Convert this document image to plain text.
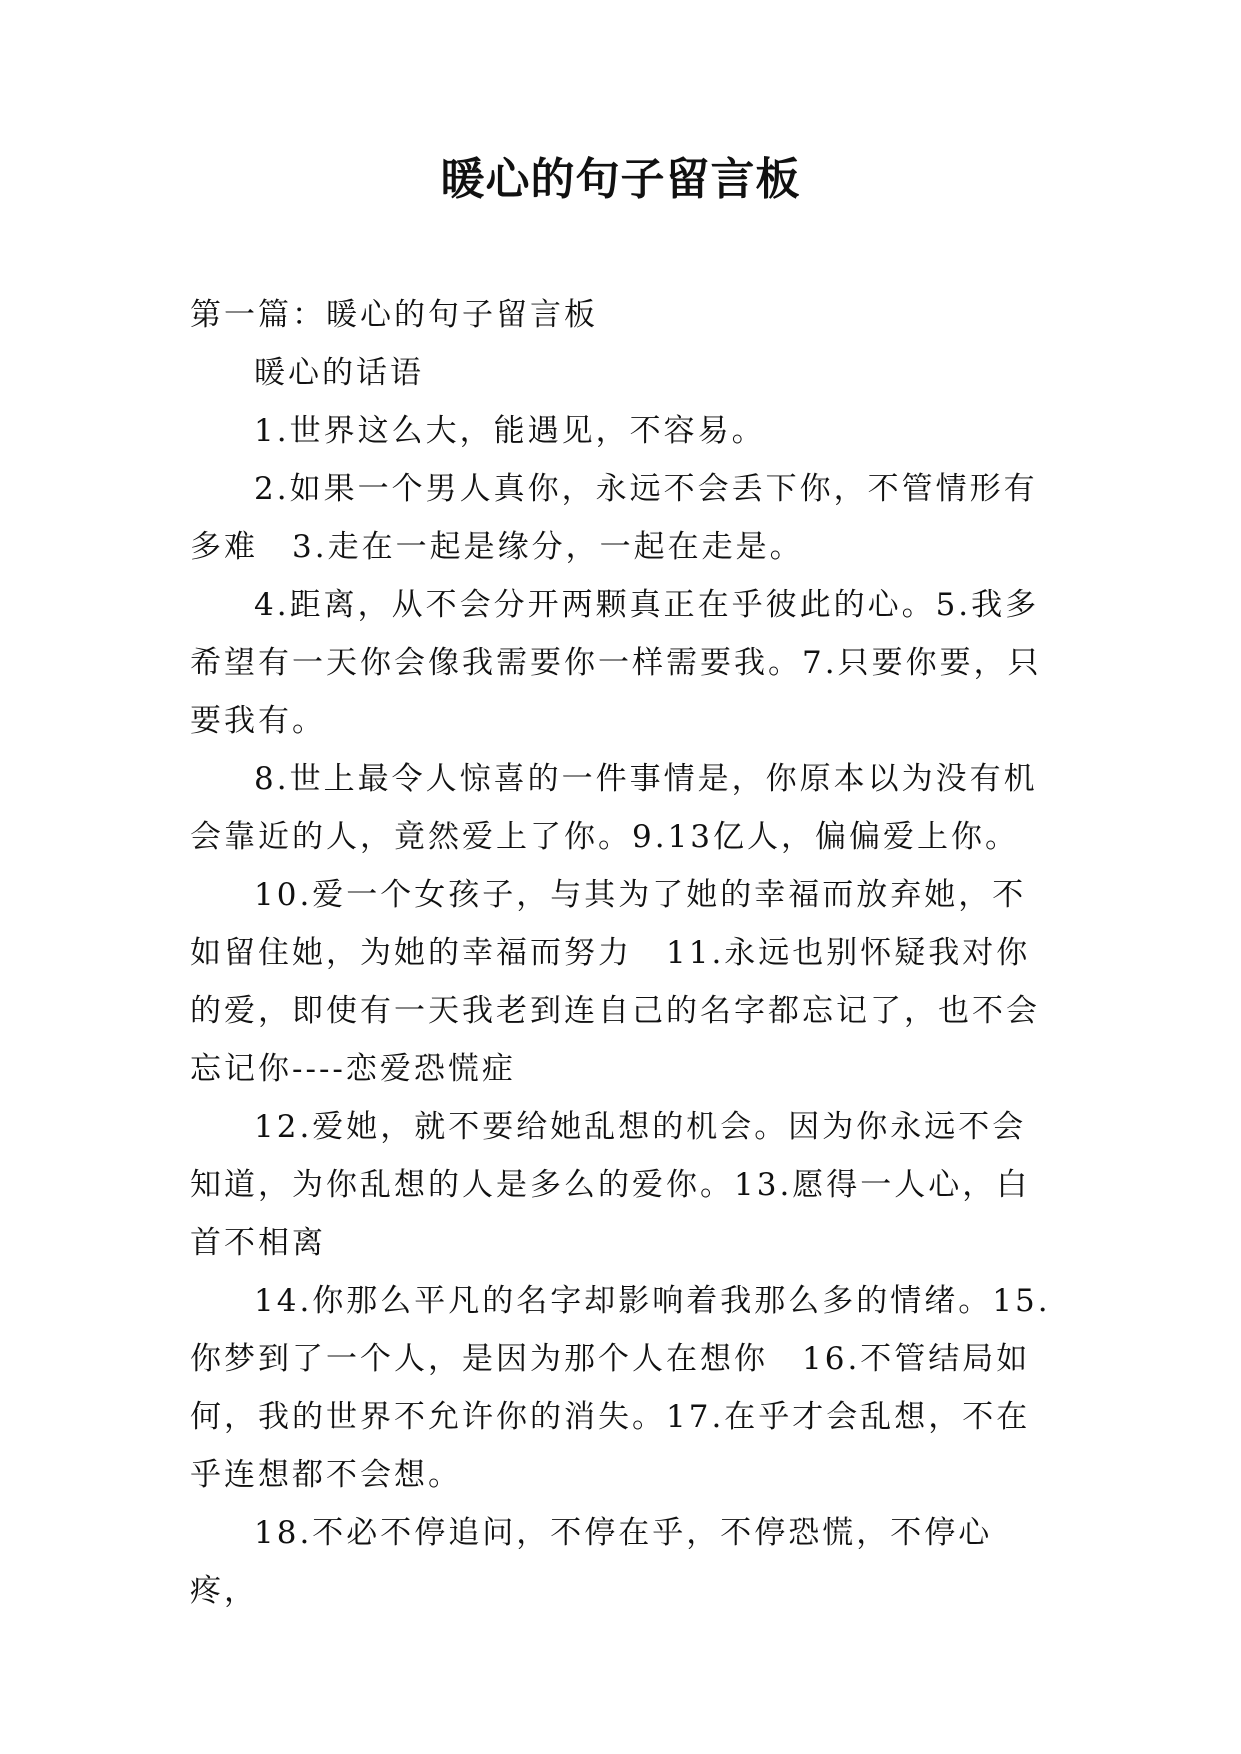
暖心的句子留言板

第一篇：暖心的句子留言板

暖心的话语

1.世界这么大，能遇见，不容易。

2.如果一个男人真你，永远不会丢下你，不管情形有多难　3.走在一起是缘分，一起在走是。

4.距离，从不会分开两颗真正在乎彼此的心。5.我多希望有一天你会像我需要你一样需要我。7.只要你要，只要我有。

8.世上最令人惊喜的一件事情是，你原本以为没有机会靠近的人，竟然爱上了你。9.13亿人，偏偏爱上你。

10.爱一个女孩子，与其为了她的幸福而放弃她，不如留住她，为她的幸福而努力　11.永远也别怀疑我对你的爱，即使有一天我老到连自己的名字都忘记了，也不会忘记你----恋爱恐慌症

12.爱她，就不要给她乱想的机会。因为你永远不会知道，为你乱想的人是多么的爱你。13.愿得一人心，白首不相离

14.你那么平凡的名字却影响着我那么多的情绪。15.你梦到了一个人，是因为那个人在想你　16.不管结局如何，我的世界不允许你的消失。17.在乎才会乱想，不在乎连想都不会想。

18.不必不停追问，不停在乎，不停恐慌，不停心疼，
